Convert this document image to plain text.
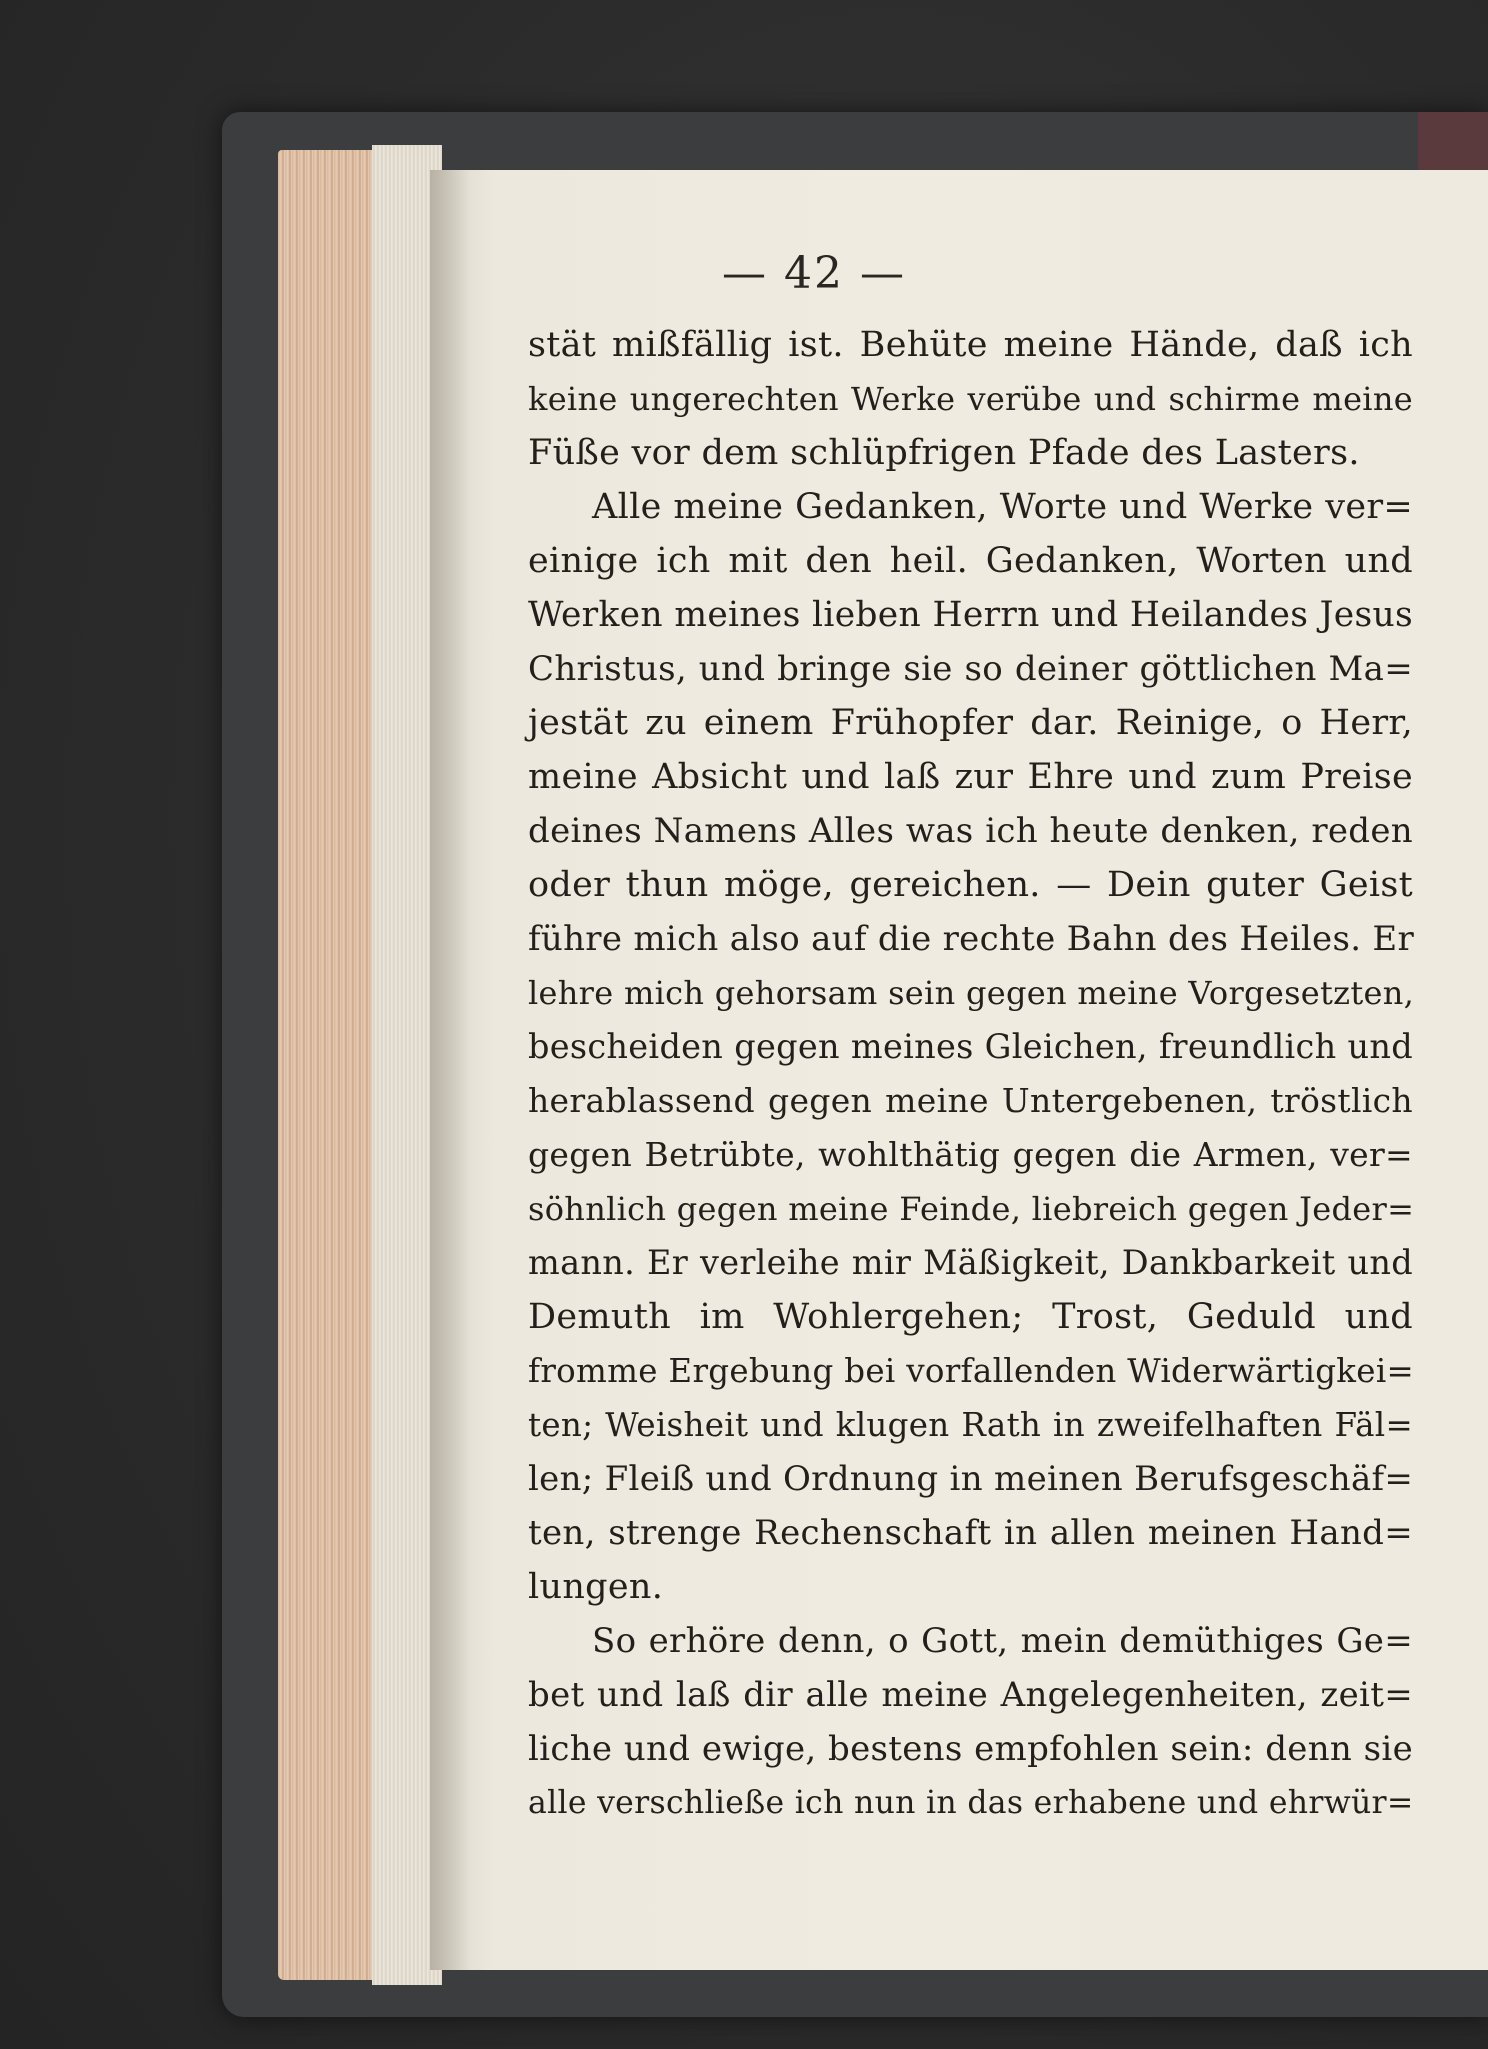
— 42 —
stät mißfällig ist. Behüte meine Hände, daß ich
keine ungerechten Werke verübe und schirme meine
Füße vor dem schlüpfrigen Pfade des Lasters.
Alle meine Gedanken, Worte und Werke ver=
einige ich mit den heil. Gedanken, Worten und
Werken meines lieben Herrn und Heilandes Jesus
Christus, und bringe sie so deiner göttlichen Ma=
jestät zu einem Frühopfer dar. Reinige, o Herr,
meine Absicht und laß zur Ehre und zum Preise
deines Namens Alles was ich heute denken, reden
oder thun möge, gereichen. — Dein guter Geist
führe mich also auf die rechte Bahn des Heiles. Er
lehre mich gehorsam sein gegen meine Vorgesetzten,
bescheiden gegen meines Gleichen, freundlich und
herablassend gegen meine Untergebenen, tröstlich
gegen Betrübte, wohlthätig gegen die Armen, ver=
söhnlich gegen meine Feinde, liebreich gegen Jeder=
mann. Er verleihe mir Mäßigkeit, Dankbarkeit und
Demuth im Wohlergehen; Trost, Geduld und
fromme Ergebung bei vorfallenden Widerwärtigkei=
ten; Weisheit und klugen Rath in zweifelhaften Fäl=
len; Fleiß und Ordnung in meinen Berufsgeschäf=
ten, strenge Rechenschaft in allen meinen Hand=
lungen.
So erhöre denn, o Gott, mein demüthiges Ge=
bet und laß dir alle meine Angelegenheiten, zeit=
liche und ewige, bestens empfohlen sein: denn sie
alle verschließe ich nun in das erhabene und ehrwür=
